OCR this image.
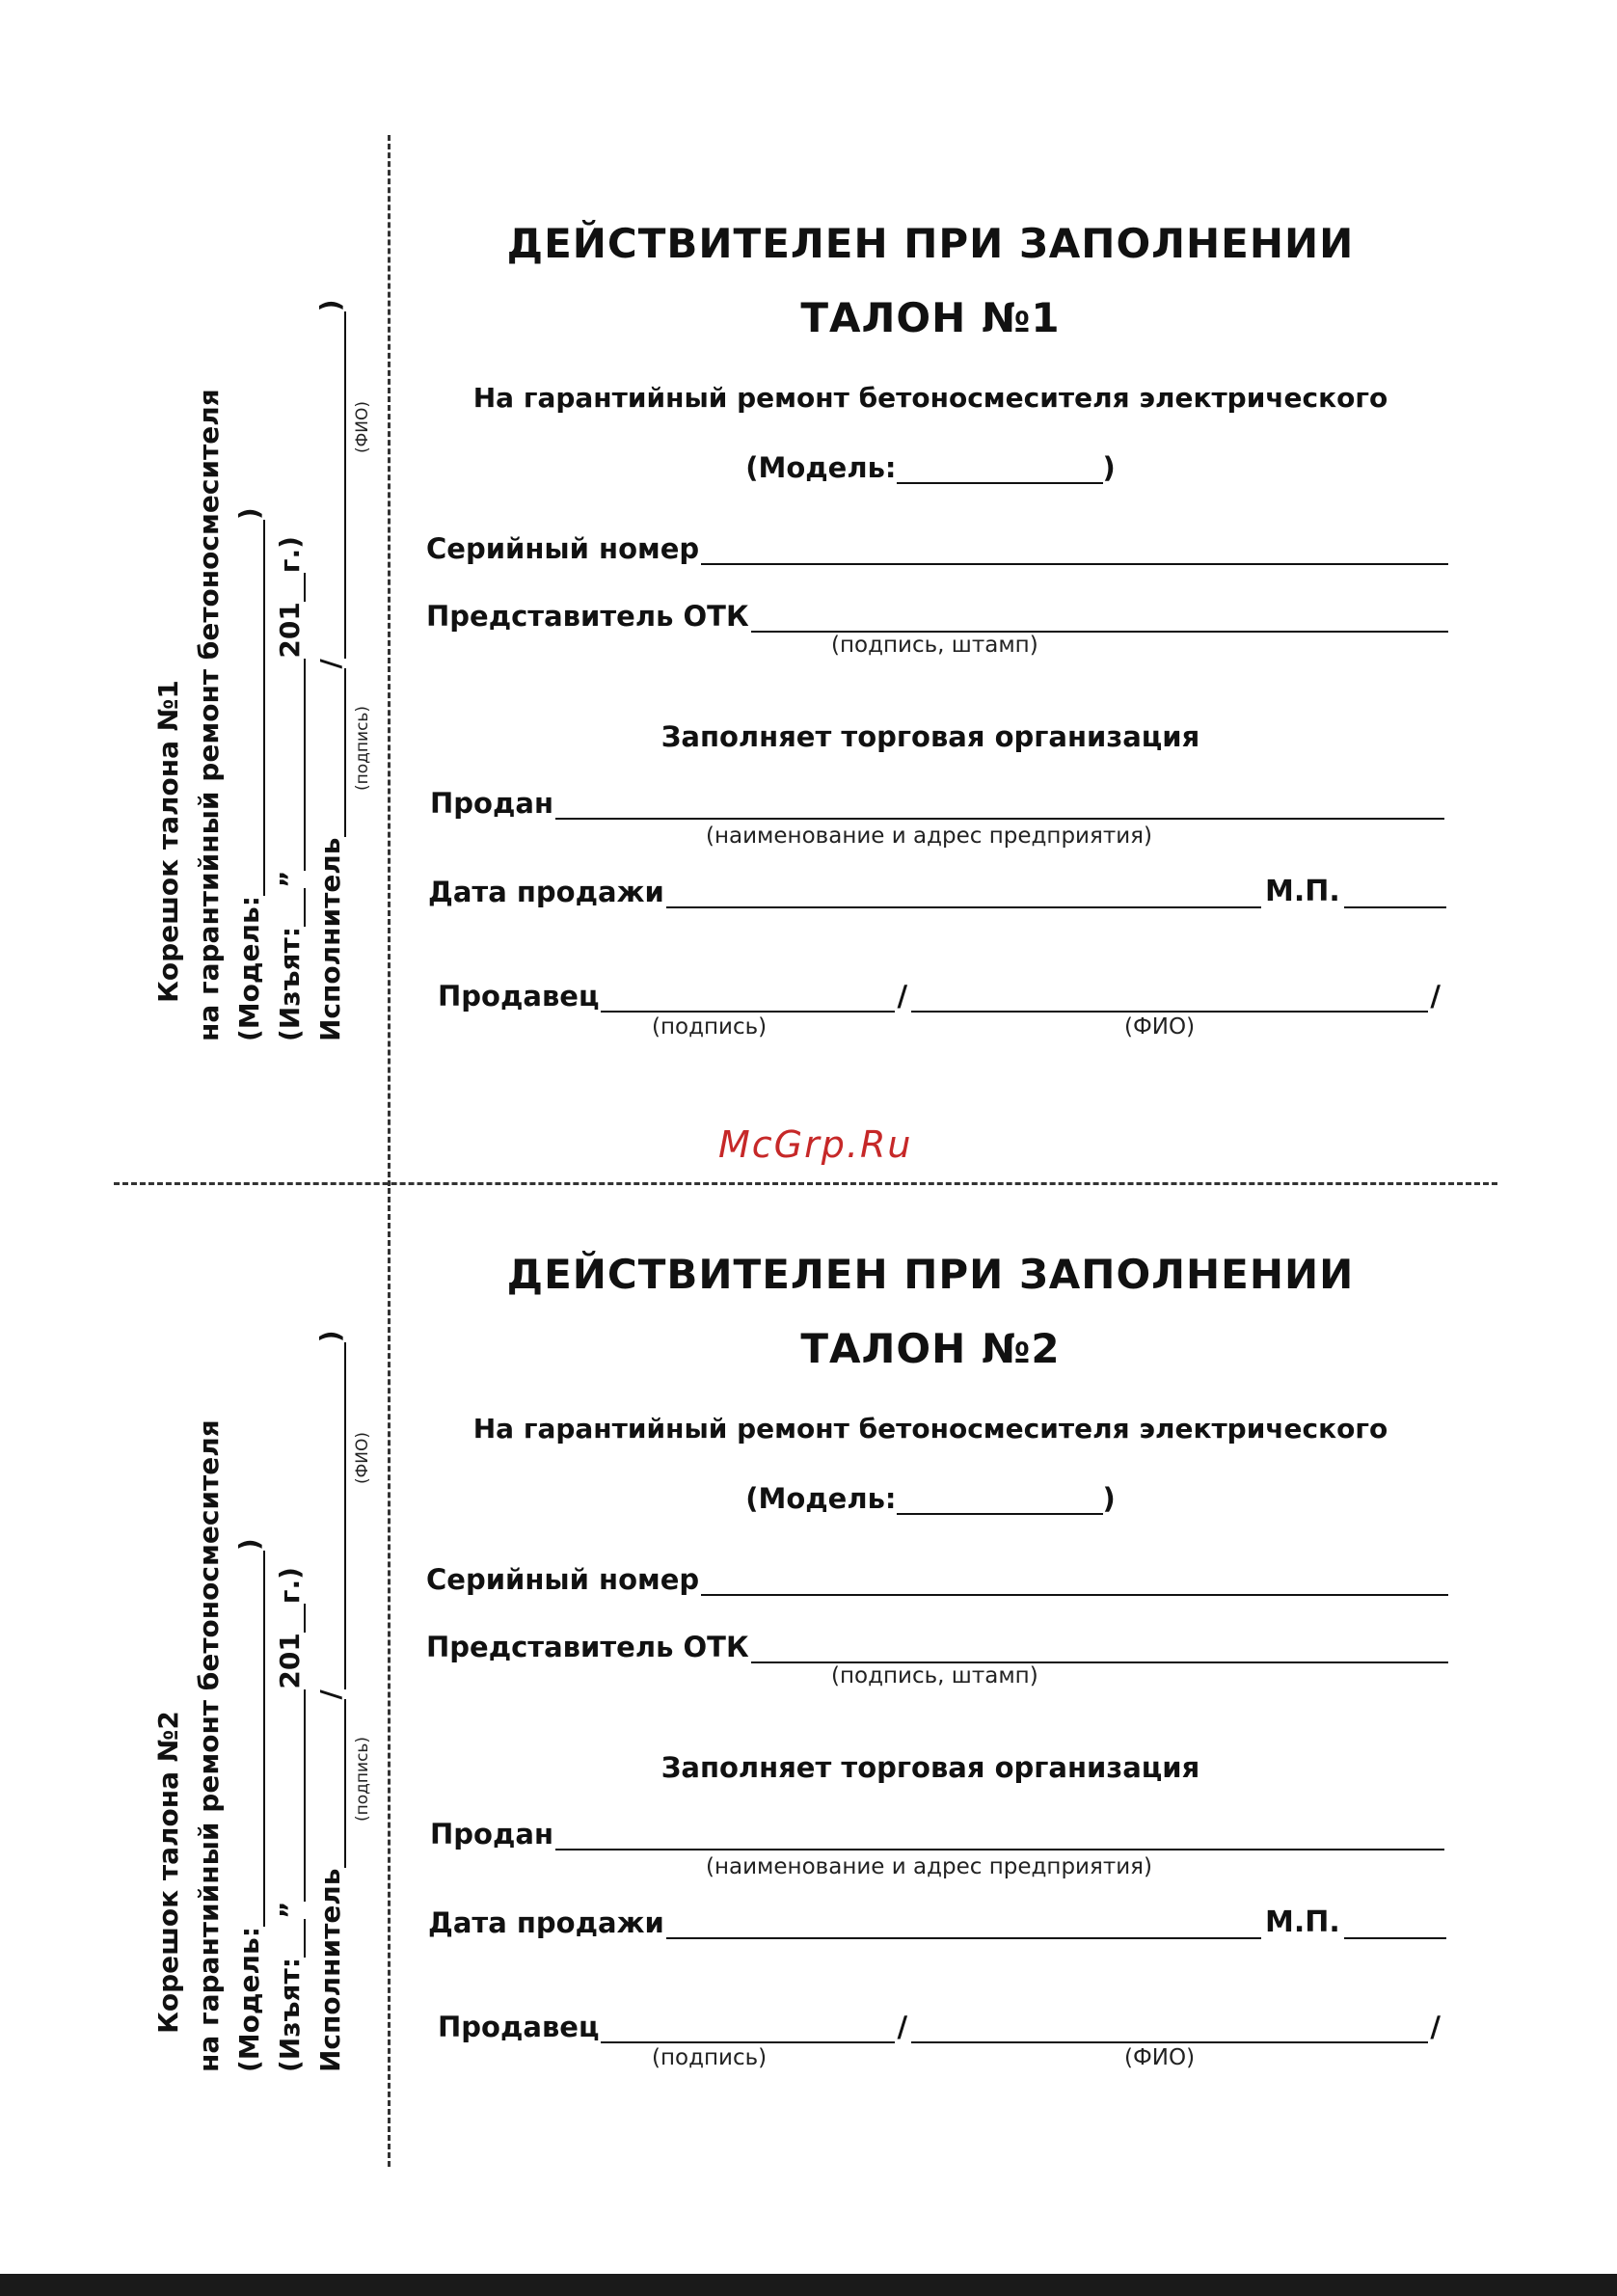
McGrp.Ru
ДЕЙСТВИТЕЛЕН ПРИ ЗАПОЛНЕНИИ
ТАЛОН №1
На гарантийный ремонт бетоносмесителя электрического
(Модель:	)
Серийный номер
Представитель ОТК
(подпись, штамп)
Заполняет торговая организация
Продан
(наименование и адрес предприятия)
Дата продажи	М.П.
Продавец	/	/
(подпись)	(ФИО)
Корешок талона №1 на гарантийный ремонт бетоносмесителя (Модель:)
(Изъят:”201г.)
Исполнитель/)
(подпись)
(ФИО)
ДЕЙСТВИТЕЛЕН ПРИ ЗАПОЛНЕНИИ
ТАЛОН №2
На гарантийный ремонт бетоносмесителя электрического
(Модель:	)
Серийный номер
Представитель ОТК
(подпись, штамп)
Заполняет торговая организация
Продан
(наименование и адрес предприятия)
Дата продажи	М.П.
Продавец	/	/
(подпись)	(ФИО)
Корешок талона №2 на гарантийный ремонт бетоносмесителя (Модель:)
(Изъят:”201г.)
Исполнитель/)
(подпись)
(ФИО)
